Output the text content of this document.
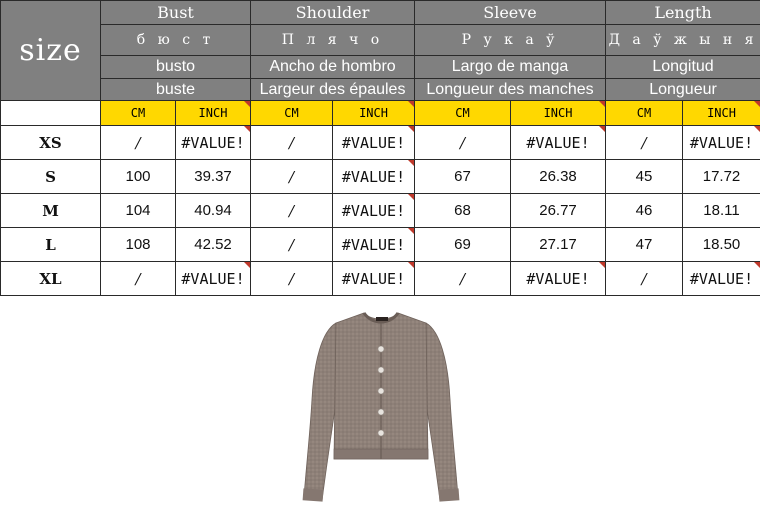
size	Bust		Shoulder		Sleeve		Length	
	б ю с т		П л я ч о		Р у к а ў		Д а ў ж ы н я	
	busto		Ancho de hombro		Largo de manga		Longitud	
	buste		Largeur des épaules		Longueur des manches		Longueur	
	CM	INCH	CM	INCH	CM	INCH	CM	INCH
XS	/	#VALUE!	/	#VALUE!	/	#VALUE!	/	#VALUE!
S	100	39.37	/	#VALUE!	67	26.38	45	17.72
M	104	40.94	/	#VALUE!	68	26.77	46	18.11
L	108	42.52	/	#VALUE!	69	27.17	47	18.50
XL	/	#VALUE!	/	#VALUE!	/	#VALUE!	/	#VALUE!
